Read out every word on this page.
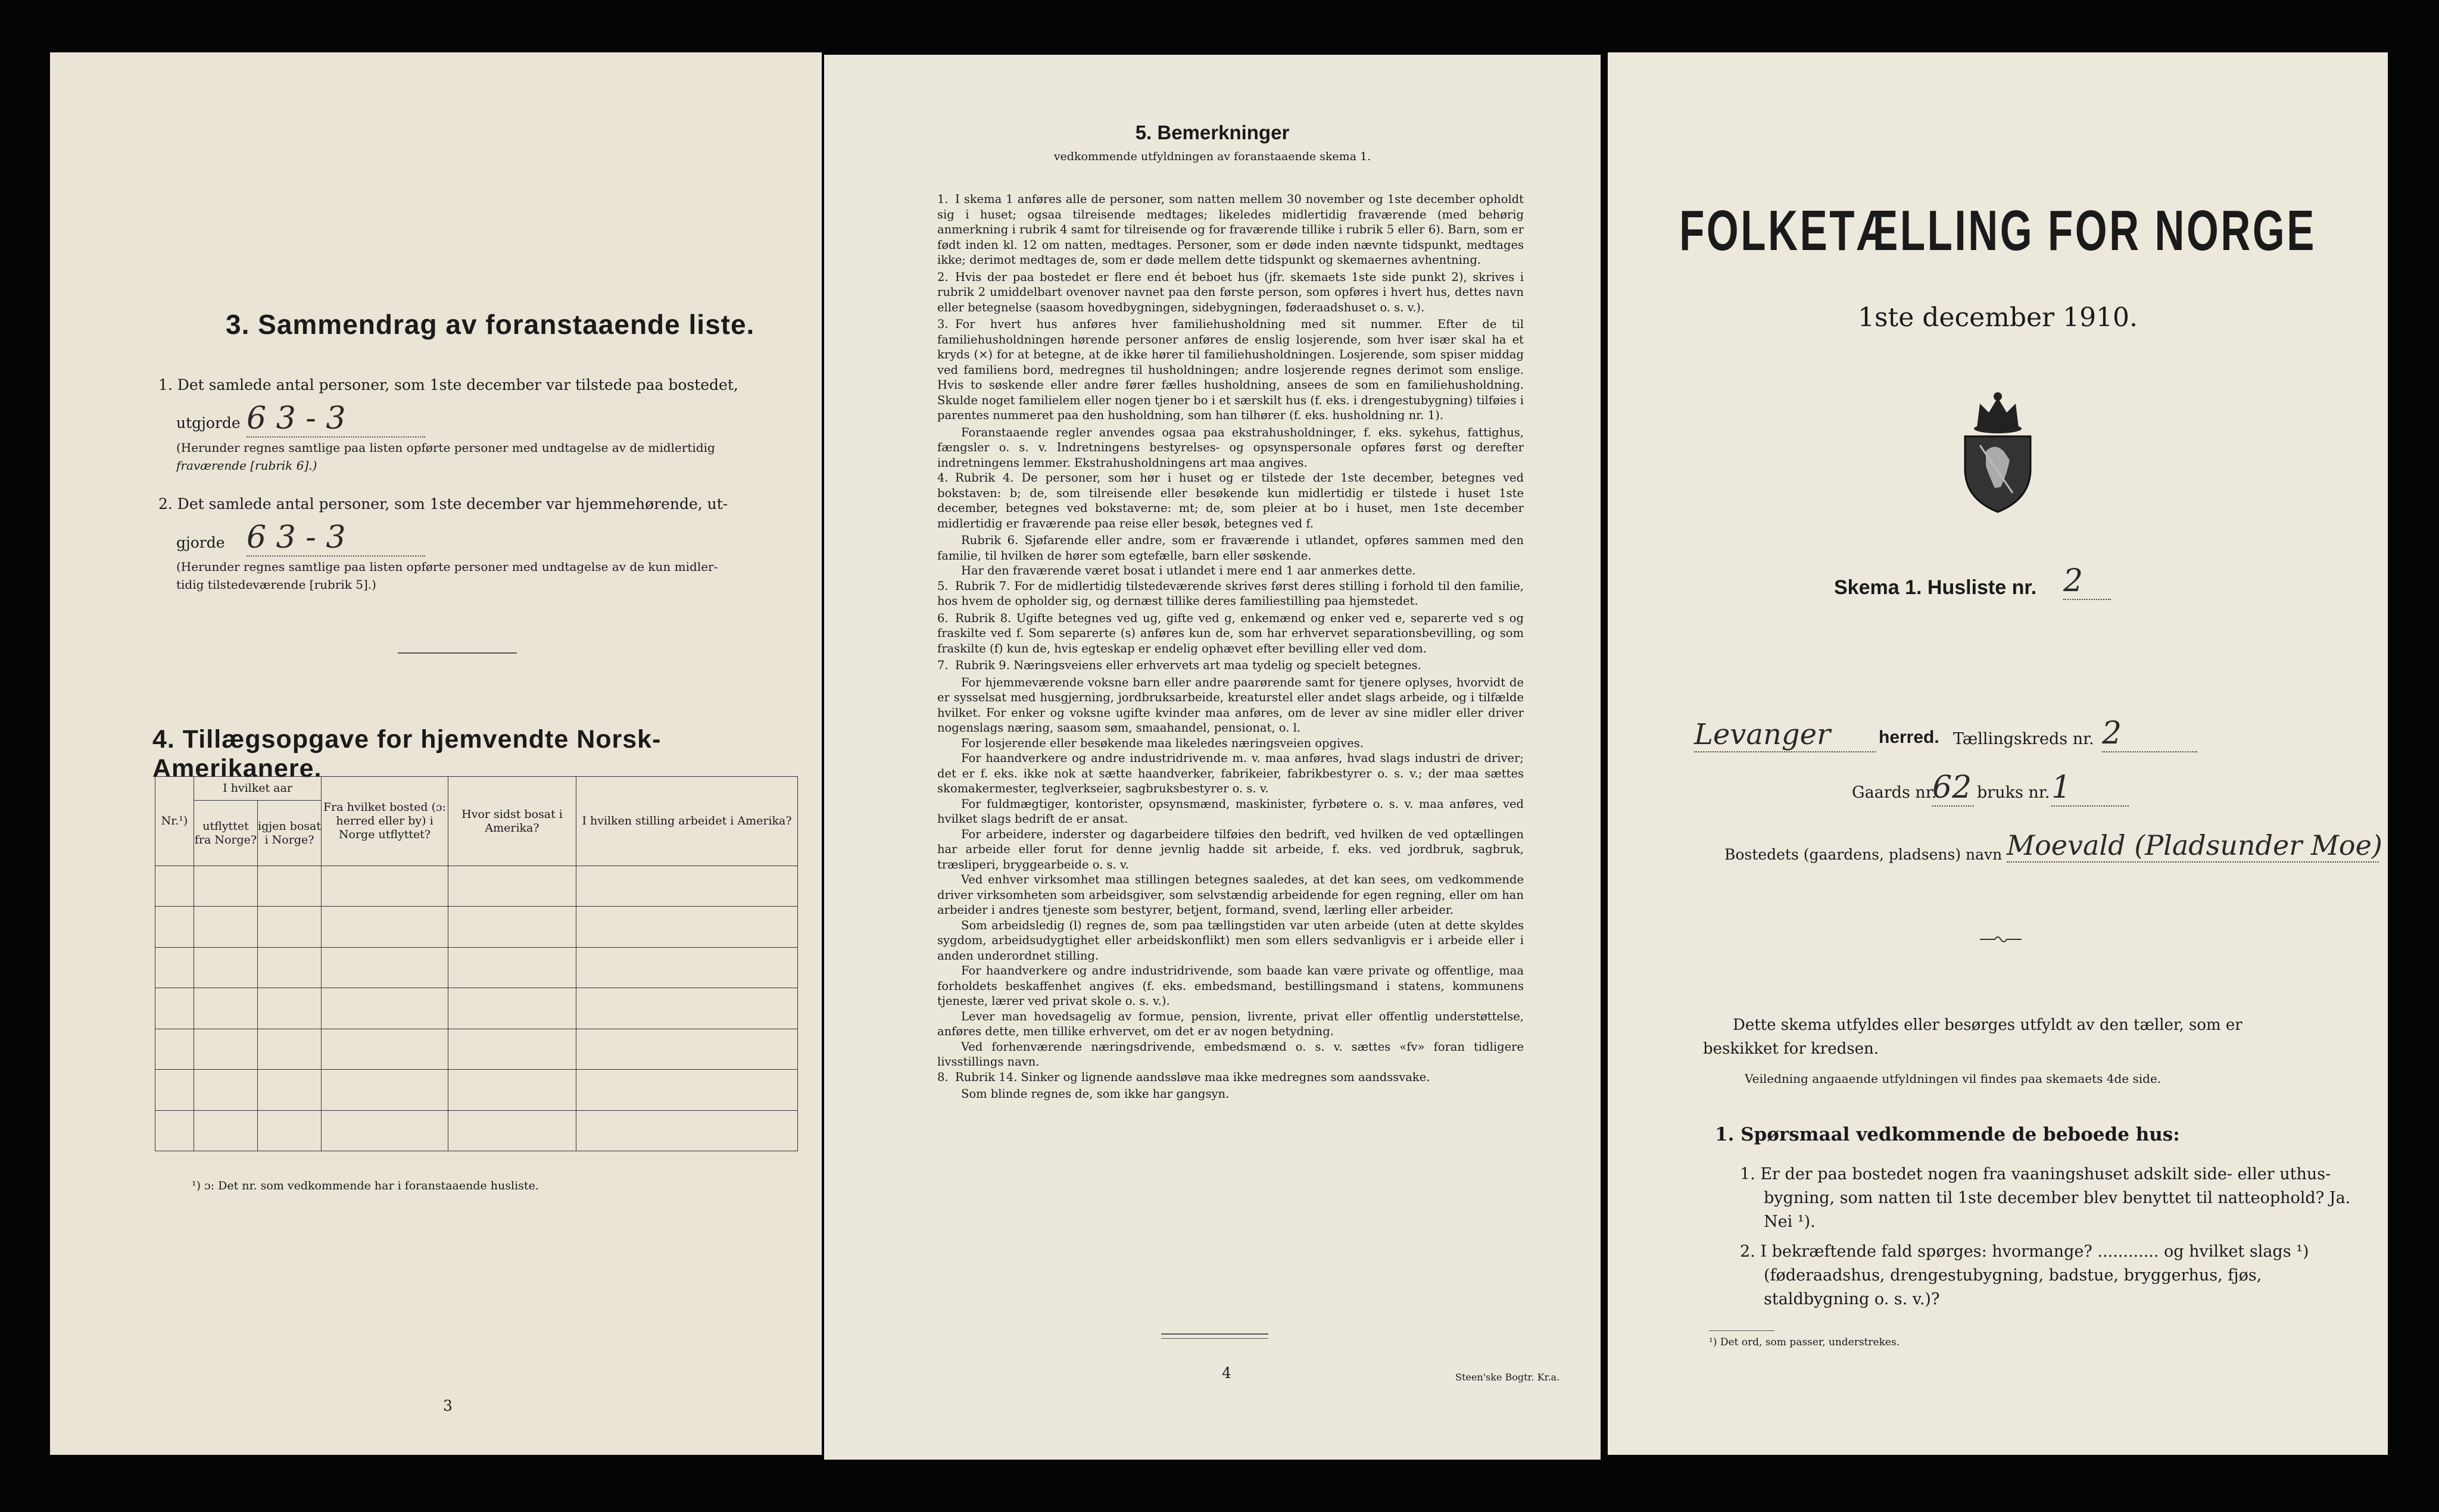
3. Sammendrag av foranstaaende liste.
1. Det samlede antal personer, som 1ste december var tilstede paa bostedet,
utgjorde 6 3 - 3
(Herunder regnes samtlige paa listen opførte personer med undtagelse av de midlertidig
fraværende [rubrik 6].)
2. Det samlede antal personer, som 1ste december var hjemmehørende, ut-
gjorde 6 3 - 3
(Herunder regnes samtlige paa listen opførte personer med undtagelse av de kun midler-
tidig tilstedeværende [rubrik 5].)
4. Tillægsopgave for hjemvendte Norsk-Amerikanere.
Nr.¹)	I hvilket aar		Fra hvilket bosted (ɔ: herred eller by) i Norge utflyttet?	Hvor sidst bosat i Amerika?	I hvilken stilling arbeidet i Amerika?
	utflyttet fra Norge?	igjen bosat i Norge?			

¹) ɔ: Det nr. som vedkommende har i foranstaaende husliste.
3
5. Bemerkninger
vedkommende utfyldningen av foranstaaende skema 1.

1. I skema 1 anføres alle de personer, som natten mellem 30 november og 1ste december opholdt sig i huset; ogsaa tilreisende medtages; likeledes midlertidig fraværende (med behørig anmerkning i rubrik 4 samt for tilreisende og for fraværende tillike i rubrik 5 eller 6). Barn, som er født inden kl. 12 om natten, medtages. Personer, som er døde inden nævnte tidspunkt, medtages ikke; derimot medtages de, som er døde mellem dette tidspunkt og skemaernes avhentning.

2. Hvis der paa bostedet er flere end ét beboet hus (jfr. skemaets 1ste side punkt 2), skrives i rubrik 2 umiddelbart ovenover navnet paa den første person, som opføres i hvert hus, dettes navn eller betegnelse (saasom hovedbygningen, sidebygningen, føderaadshuset o. s. v.).

3. For hvert hus anføres hver familiehusholdning med sit nummer. Efter de til familiehusholdningen hørende personer anføres de enslig losjerende, som hver især skal ha et kryds (×) for at betegne, at de ikke hører til familiehusholdningen. Losjerende, som spiser middag ved familiens bord, medregnes til husholdningen; andre losjerende regnes derimot som enslige. Hvis to søskende eller andre fører fælles husholdning, ansees de som en familiehusholdning. Skulde noget familielem eller nogen tjener bo i et særskilt hus (f. eks. i drengestubygning) tilføies i parentes nummeret paa den husholdning, som han tilhører (f. eks. husholdning nr. 1).

Foranstaaende regler anvendes ogsaa paa ekstrahusholdninger, f. eks. sykehus, fattighus, fængsler o. s. v. Indretningens bestyrelses- og opsynspersonale opføres først og derefter indretningens lemmer. Ekstrahusholdningens art maa angives.

4. Rubrik 4. De personer, som hør i huset og er tilstede der 1ste december, betegnes ved bokstaven: b; de, som tilreisende eller besøkende kun midlertidig er tilstede i huset 1ste december, betegnes ved bokstaverne: mt; de, som pleier at bo i huset, men 1ste december midlertidig er fraværende paa reise eller besøk, betegnes ved f.

Rubrik 6. Sjøfarende eller andre, som er fraværende i utlandet, opføres sammen med den familie, til hvilken de hører som egtefælle, barn eller søskende.

Har den fraværende været bosat i utlandet i mere end 1 aar anmerkes dette.

5. Rubrik 7. For de midlertidig tilstedeværende skrives først deres stilling i forhold til den familie, hos hvem de opholder sig, og dernæst tillike deres familiestilling paa hjemstedet.

6. Rubrik 8. Ugifte betegnes ved ug, gifte ved g, enkemænd og enker ved e, separerte ved s og fraskilte ved f. Som separerte (s) anføres kun de, som har erhvervet separationsbevilling, og som fraskilte (f) kun de, hvis egteskap er endelig ophævet efter bevilling eller ved dom.

7. Rubrik 9. Næringsveiens eller erhvervets art maa tydelig og specielt betegnes.

For hjemmeværende voksne barn eller andre paarørende samt for tjenere oplyses, hvorvidt de er sysselsat med husgjerning, jordbruksarbeide, kreaturstel eller andet slags arbeide, og i tilfælde hvilket. For enker og voksne ugifte kvinder maa anføres, om de lever av sine midler eller driver nogenslags næring, saasom søm, smaahandel, pensionat, o. l.

For losjerende eller besøkende maa likeledes næringsveien opgives.

For haandverkere og andre industridrivende m. v. maa anføres, hvad slags industri de driver; det er f. eks. ikke nok at sætte haandverker, fabrikeier, fabrikbestyrer o. s. v.; der maa sættes skomakermester, teglverkseier, sagbruksbestyrer o. s. v.

For fuldmægtiger, kontorister, opsynsmænd, maskinister, fyrbøtere o. s. v. maa anføres, ved hvilket slags bedrift de er ansat.

For arbeidere, inderster og dagarbeidere tilføies den bedrift, ved hvilken de ved optællingen har arbeide eller forut for denne jevnlig hadde sit arbeide, f. eks. ved jordbruk, sagbruk, træsliperi, bryggearbeide o. s. v.

Ved enhver virksomhet maa stillingen betegnes saaledes, at det kan sees, om vedkommende driver virksomheten som arbeidsgiver, som selvstændig arbeidende for egen regning, eller om han arbeider i andres tjeneste som bestyrer, betjent, formand, svend, lærling eller arbeider.

Som arbeidsledig (l) regnes de, som paa tællingstiden var uten arbeide (uten at dette skyldes sygdom, arbeidsudygtighet eller arbeidskonflikt) men som ellers sedvanligvis er i arbeide eller i anden underordnet stilling.

For haandverkere og andre industridrivende, som baade kan være private og offentlige, maa forholdets beskaffenhet angives (f. eks. embedsmand, bestillingsmand i statens, kommunens tjeneste, lærer ved privat skole o. s. v.).

Lever man hovedsagelig av formue, pension, livrente, privat eller offentlig understøttelse, anføres dette, men tillike erhvervet, om det er av nogen betydning.

Ved forhenværende næringsdrivende, embedsmænd o. s. v. sættes «fv» foran tidligere livsstillings navn.

8. Rubrik 14. Sinker og lignende aandssløve maa ikke medregnes som aandssvake.

Som blinde regnes de, som ikke har gangsyn.

4	Steen'ske Bogtr. Kr.a.
FOLKETÆLLING FOR NORGE
1ste december 1910.
Skema 1. Husliste nr. 2
Levanger	herred. Tællingskreds nr. 2
Gaards nr.
62 bruks nr. 1
Bostedets (gaardens, pladsens) navn Moevald (Pladsunder Moe)
Dette skema utfyldes eller besørges utfyldt av den tæller, som er beskikket for kredsen.
Veiledning angaaende utfyldningen vil findes paa skemaets 4de side.
1. Spørsmaal vedkommende de beboede hus:
1. Er der paa bostedet nogen fra vaaningshuset adskilt side- eller uthus-bygning, som natten til 1ste december blev benyttet til natteophold? Ja. Nei ¹).
2. I bekræftende fald spørges: hvormange? ............ og hvilket slags ¹) (føderaadshus, drengestubygning, badstue, bryggerhus, fjøs, staldbygning o. s. v.)?
¹) Det ord, som passer, understrekes.
